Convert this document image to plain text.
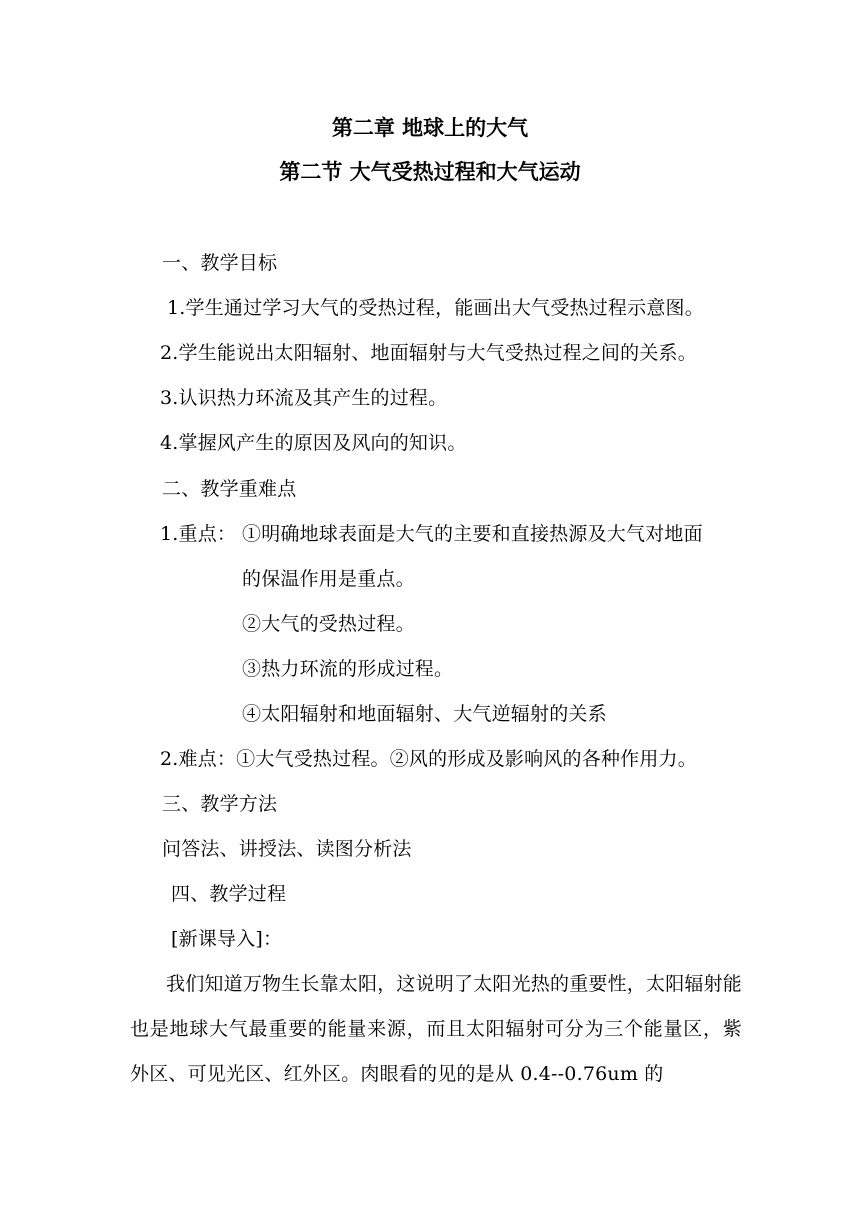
第二章 地球上的大气
第二节 大气受热过程和大气运动
一、教学目标
1.学生通过学习大气的受热过程，能画出大气受热过程示意图。
2.学生能说出太阳辐射、地面辐射与大气受热过程之间的关系。
3.认识热力环流及其产生的过程。
4.掌握风产生的原因及风向的知识。
二、教学重难点
1.重点： ①明确地球表面是大气的主要和直接热源及大气对地面
的保温作用是重点。
②大气的受热过程。
③热力环流的形成过程。
④太阳辐射和地面辐射、大气逆辐射的关系
2.难点：①大气受热过程。②风的形成及影响风的各种作用力。
三、教学方法
问答法、讲授法、读图分析法
四、教学过程
[新课导入]：
我们知道万物生长靠太阳，这说明了太阳光热的重要性，太阳辐射能也是地球大气最重要的能量来源，而且太阳辐射可分为三个能量区，紫外区、可见光区、红外区。肉眼看的见的是从 0.4--0.76um 的
